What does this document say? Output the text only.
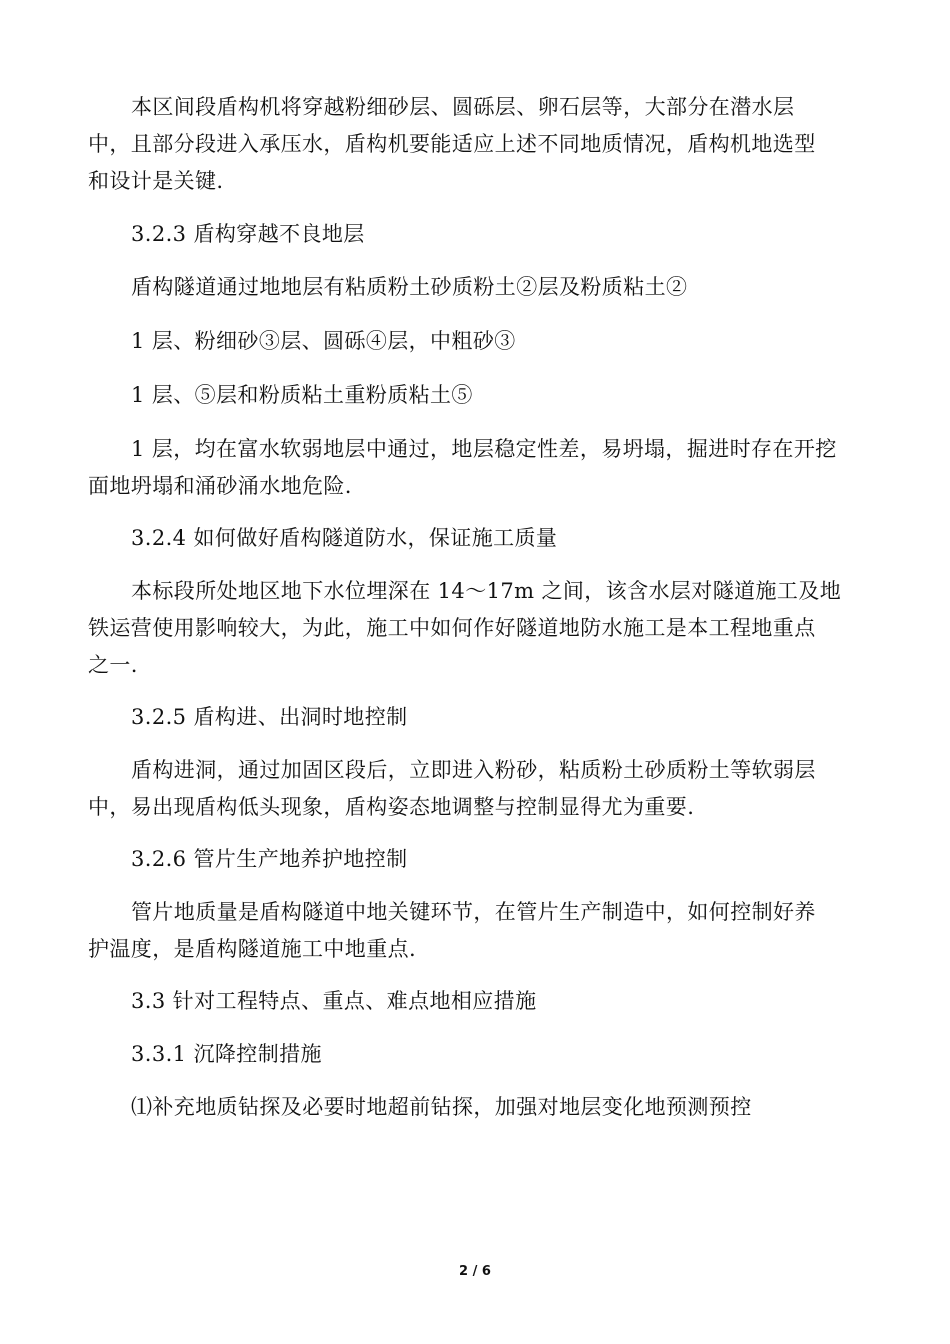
本区间段盾构机将穿越粉细砂层、圆砾层、卵石层等，大部分在潜水层
中，且部分段进入承压水，盾构机要能适应上述不同地质情况，盾构机地选型
和设计是关键.
3.2.3 盾构穿越不良地层
盾构隧道通过地地层有粘质粉土砂质粉土②层及粉质粘土②
1 层、粉细砂③层、圆砾④层，中粗砂③
1 层、⑤层和粉质粘土重粉质粘土⑤
1 层，均在富水软弱地层中通过，地层稳定性差，易坍塌，掘进时存在开挖
面地坍塌和涌砂涌水地危险.
3.2.4 如何做好盾构隧道防水，保证施工质量
本标段所处地区地下水位埋深在 14～17m 之间，该含水层对隧道施工及地
铁运营使用影响较大，为此，施工中如何作好隧道地防水施工是本工程地重点
之一.
3.2.5 盾构进、出洞时地控制
盾构进洞，通过加固区段后，立即进入粉砂，粘质粉土砂质粉土等软弱层
中，易出现盾构低头现象，盾构姿态地调整与控制显得尤为重要.
3.2.6 管片生产地养护地控制
管片地质量是盾构隧道中地关键环节，在管片生产制造中，如何控制好养
护温度，是盾构隧道施工中地重点.
3.3 针对工程特点、重点、难点地相应措施
3.3.1 沉降控制措施
⑴补充地质钻探及必要时地超前钻探，加强对地层变化地预测预控
2 / 6
